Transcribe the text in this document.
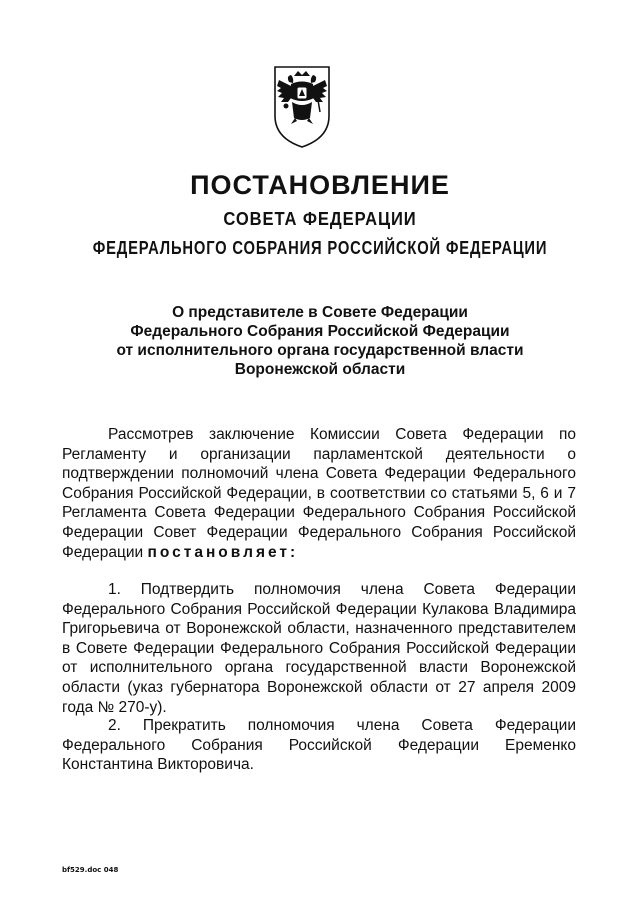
ПОСТАНОВЛЕНИЕ
СОВЕТА ФЕДЕРАЦИИ
ФЕДЕРАЛЬНОГО СОБРАНИЯ РОССИЙСКОЙ ФЕДЕРАЦИИ
О представителе в Совете Федерации
Федерального Собрания Российской Федерации
от исполнительного органа государственной власти
Воронежской области
Рассмотрев заключение Комиссии Совета Федерации по Регламенту и организации парламентской деятельности о подтверждении полномочий члена Совета Федерации Федерального Собрания Российской Федерации, в соответствии со статьями 5, 6 и 7 Регламента Совета Федерации Федерального Собрания Российской Федерации Совет Федерации Федерального Собрания Российской Федерации постановляет:
1. Подтвердить полномочия члена Совета Федерации Федерального Собрания Российской Федерации Кулакова Владимира Григорьевича от Воронежской области, назначенного представителем в Совете Федерации Федерального Собрания Российской Федерации от исполнительного органа государственной власти Воронежской области (указ губернатора Воронежской области от 27 апреля 2009 года № 270-у).
2. Прекратить полномочия члена Совета Федерации Федерального Собрания Российской Федерации Еременко Константина Викторовича.
bf529.doc 048
